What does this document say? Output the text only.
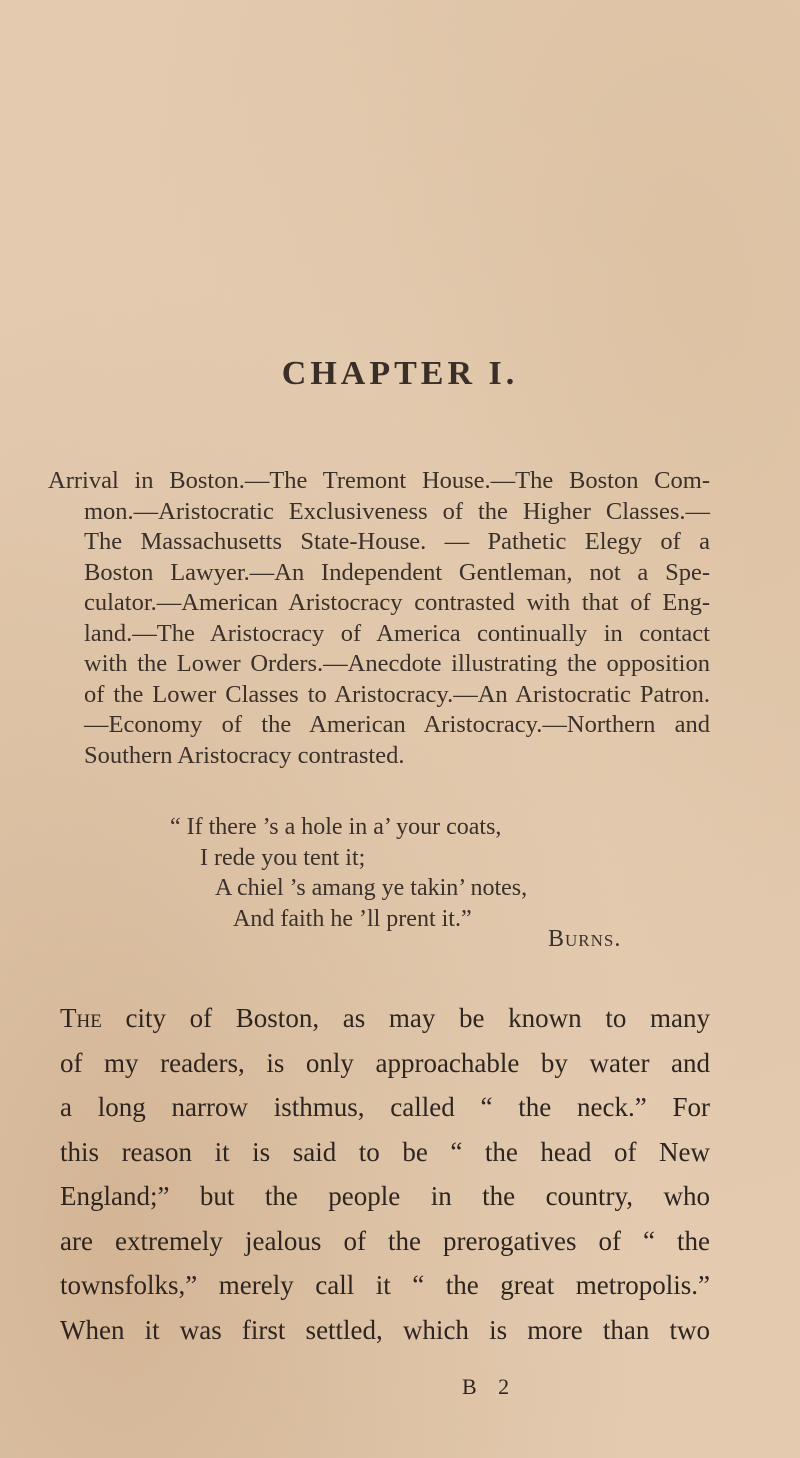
CHAPTER I.
Arrival in Boston.—The Tremont House.—The Boston Com-
mon.—Aristocratic Exclusiveness of the Higher Classes.—
The Massachusetts State-House. — Pathetic Elegy of a
Boston Lawyer.—An Independent Gentleman, not a Spe-
culator.—American Aristocracy contrasted with that of Eng-
land.—The Aristocracy of America continually in contact
with the Lower Orders.—Anecdote illustrating the opposition
of the Lower Classes to Aristocracy.—An Aristocratic Patron.
—Economy of the American Aristocracy.—Northern and
Southern Aristocracy contrasted.
“ If there ’s a hole in a’ your coats,
I rede you tent it;
A chiel ’s amang ye takin’ notes,
And faith he ’ll prent it.”
Burns.
The city of Boston, as may be known to many
of my readers, is only approachable by water and
a long narrow isthmus, called “ the neck.” For
this reason it is said to be “ the head of New
England;” but the people in the country, who
are extremely jealous of the prerogatives of “ the
townsfolks,” merely call it “ the great metropolis.”
When it was first settled, which is more than two
B 2
